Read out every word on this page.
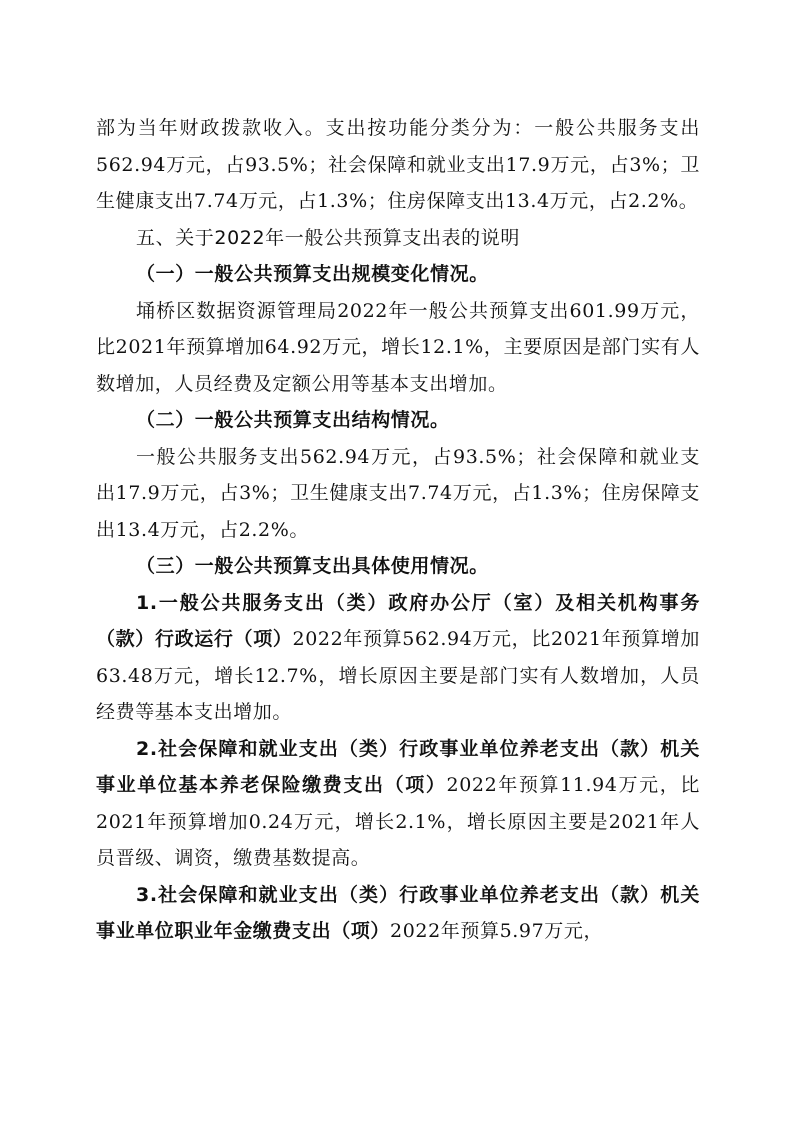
部为当年财政拨款收入。支出按功能分类分为：一般公共服务支出562.94万元，占93.5%；社会保障和就业支出17.9万元，占3%；卫生健康支出7.74万元，占1.3%；住房保障支出13.4万元，占2.2%。

五、关于2022年一般公共预算支出表的说明

（一）一般公共预算支出规模变化情况。

埇桥区数据资源管理局2022年一般公共预算支出601.99万元，比2021年预算增加64.92万元，增长12.1%，主要原因是部门实有人数增加，人员经费及定额公用等基本支出增加。

（二）一般公共预算支出结构情况。

一般公共服务支出562.94万元，占93.5%；社会保障和就业支出17.9万元，占3%；卫生健康支出7.74万元，占1.3%；住房保障支出13.4万元，占2.2%。

（三）一般公共预算支出具体使用情况。

1.一般公共服务支出（类）政府办公厅（室）及相关机构事务（款）行政运行（项）2022年预算562.94万元，比2021年预算增加63.48万元，增长12.7%，增长原因主要是部门实有人数增加，人员经费等基本支出增加。

2.社会保障和就业支出（类）行政事业单位养老支出（款）机关事业单位基本养老保险缴费支出（项）2022年预算11.94万元，比2021年预算增加0.24万元，增长2.1%，增长原因主要是2021年人员晋级、调资，缴费基数提高。

3.社会保障和就业支出（类）行政事业单位养老支出（款）机关事业单位职业年金缴费支出（项）2022年预算5.97万元，
